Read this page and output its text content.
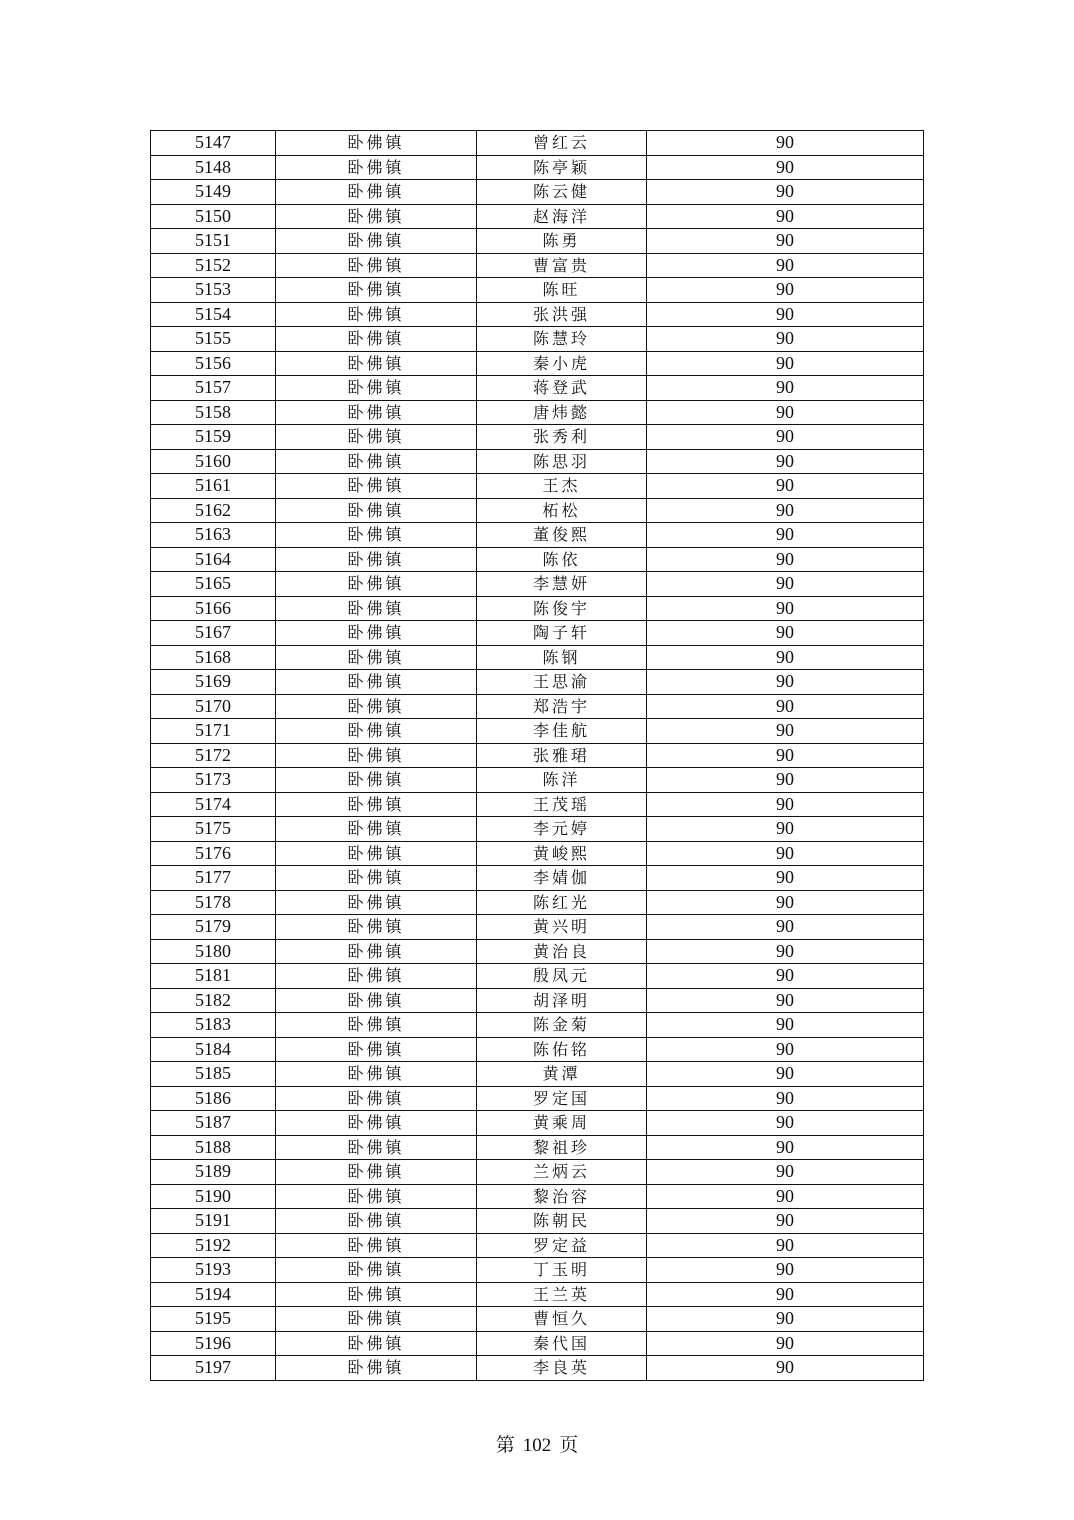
5147	卧佛镇	曾红云	90
5148	卧佛镇	陈亭颖	90
5149	卧佛镇	陈云健	90
5150	卧佛镇	赵海洋	90
5151	卧佛镇	陈勇	90
5152	卧佛镇	曹富贵	90
5153	卧佛镇	陈旺	90
5154	卧佛镇	张洪强	90
5155	卧佛镇	陈慧玲	90
5156	卧佛镇	秦小虎	90
5157	卧佛镇	蒋登武	90
5158	卧佛镇	唐炜懿	90
5159	卧佛镇	张秀利	90
5160	卧佛镇	陈思羽	90
5161	卧佛镇	王杰	90
5162	卧佛镇	柘松	90
5163	卧佛镇	董俊熙	90
5164	卧佛镇	陈依	90
5165	卧佛镇	李慧妍	90
5166	卧佛镇	陈俊宇	90
5167	卧佛镇	陶子轩	90
5168	卧佛镇	陈钢	90
5169	卧佛镇	王思渝	90
5170	卧佛镇	郑浩宇	90
5171	卧佛镇	李佳航	90
5172	卧佛镇	张雅珺	90
5173	卧佛镇	陈洋	90
5174	卧佛镇	王茂瑶	90
5175	卧佛镇	李元婷	90
5176	卧佛镇	黄峻熙	90
5177	卧佛镇	李婧伽	90
5178	卧佛镇	陈红光	90
5179	卧佛镇	黄兴明	90
5180	卧佛镇	黄治良	90
5181	卧佛镇	殷凤元	90
5182	卧佛镇	胡泽明	90
5183	卧佛镇	陈金菊	90
5184	卧佛镇	陈佑铭	90
5185	卧佛镇	黄潭	90
5186	卧佛镇	罗定国	90
5187	卧佛镇	黄乘周	90
5188	卧佛镇	黎祖珍	90
5189	卧佛镇	兰炳云	90
5190	卧佛镇	黎治容	90
5191	卧佛镇	陈朝民	90
5192	卧佛镇	罗定益	90
5193	卧佛镇	丁玉明	90
5194	卧佛镇	王兰英	90
5195	卧佛镇	曹恒久	90
5196	卧佛镇	秦代国	90
5197	卧佛镇	李良英	90
第 102 页
